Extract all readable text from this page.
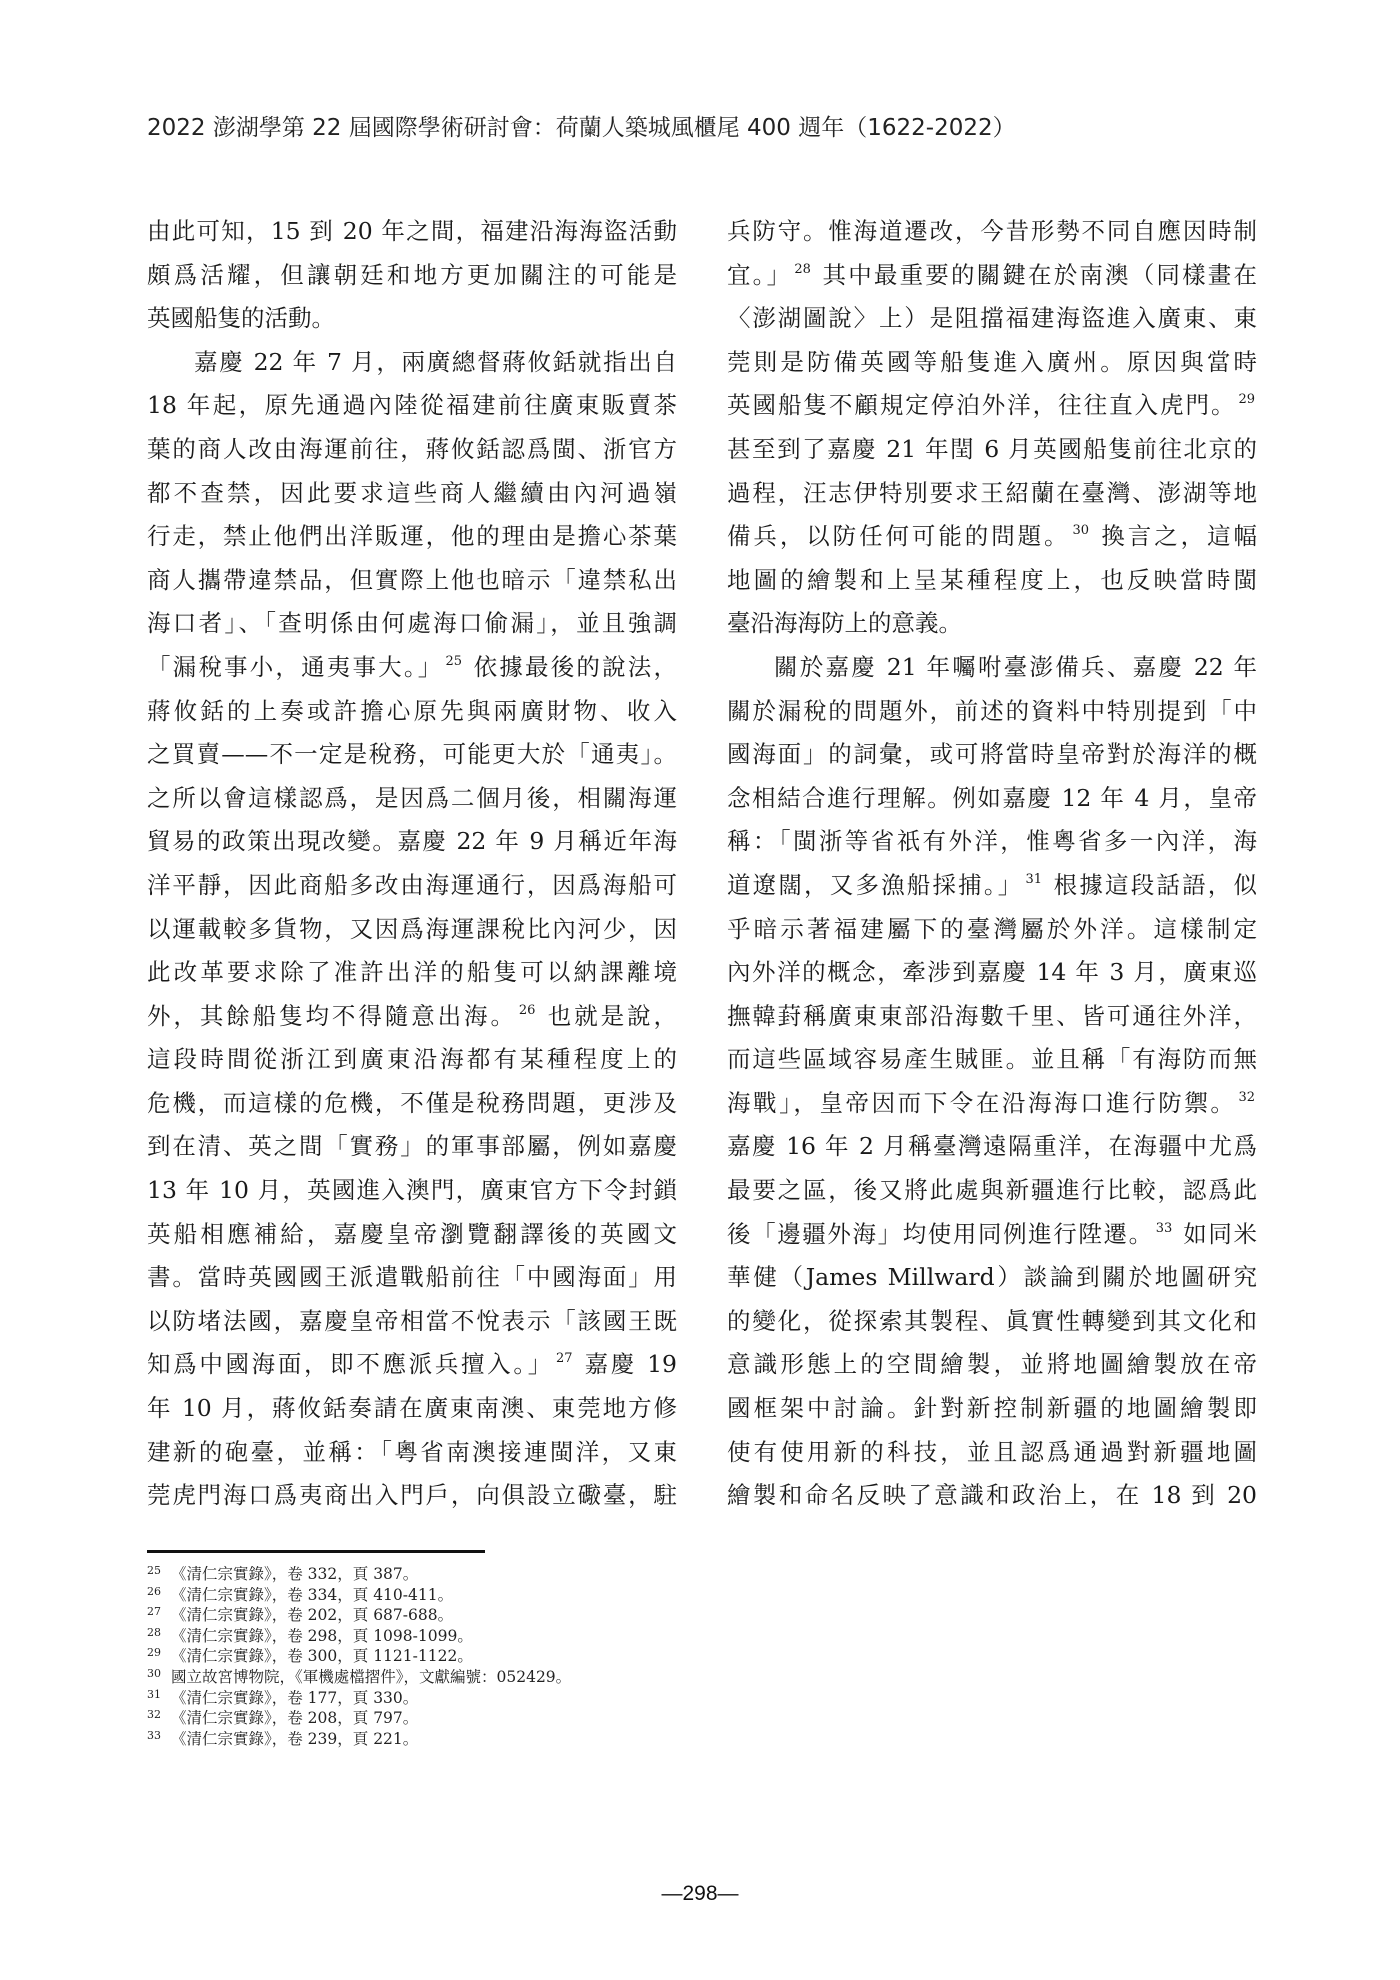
2022 澎湖學第 22 屆國際學術研討會：荷蘭人築城風櫃尾 400 週年（1622-2022）
由此可知，15 到 20 年之間，福建沿海海盜活動
頗爲活耀，但讓朝廷和地方更加關注的可能是
英國船隻的活動。
嘉慶 22 年 7 月，兩廣總督蔣攸銛就指出自
18 年起，原先通過內陸從福建前往廣東販賣茶
葉的商人改由海運前往，蔣攸銛認爲閩、浙官方
都不查禁，因此要求這些商人繼續由內河過嶺
行走，禁止他們出洋販運，他的理由是擔心茶葉
商人攜帶違禁品，但實際上他也暗示「違禁私出
海口者」、「查明係由何處海口偷漏」，並且強調
「漏稅事小，通夷事大。」 $^{25}$ 依據最後的說法，
蔣攸銛的上奏或許擔心原先與兩廣財物、收入
之買賣——不一定是稅務，可能更大於「通夷」。
之所以會這樣認爲，是因爲二個月後，相關海運
貿易的政策出現改變。嘉慶 22 年 9 月稱近年海
洋平靜，因此商船多改由海運通行，因爲海船可
以運載較多貨物，又因爲海運課稅比內河少，因
此改革要求除了准許出洋的船隻可以納課離境
外，其餘船隻均不得隨意出海。 $^{26}$ 也就是說，
這段時間從浙江到廣東沿海都有某種程度上的
危機，而這樣的危機，不僅是稅務問題，更涉及
到在清、英之間「實務」的軍事部屬，例如嘉慶
13 年 10 月，英國進入澳門，廣東官方下令封鎖
英船相應補給，嘉慶皇帝瀏覽翻譯後的英國文
書。當時英國國王派遣戰船前往「中國海面」用
以防堵法國，嘉慶皇帝相當不悅表示「該國王既
知爲中國海面，即不應派兵擅入。」 $^{27}$ 嘉慶 19
年 10 月，蔣攸銛奏請在廣東南澳、東莞地方修
建新的砲臺，並稱：「粵省南澳接連閩洋，又東
莞虎門海口爲夷商出入門戶，向俱設立礮臺，駐
兵防守。惟海道遷改，今昔形勢不同自應因時制
宜。」 $^{28}$ 其中最重要的關鍵在於南澳（同樣畫在
〈澎湖圖說〉上）是阻擋福建海盜進入廣東、東
莞則是防備英國等船隻進入廣州。原因與當時
英國船隻不顧規定停泊外洋，往往直入虎門。 $^{29}$
甚至到了嘉慶 21 年閏 6 月英國船隻前往北京的
過程，汪志伊特別要求王紹蘭在臺灣、澎湖等地
備兵，以防任何可能的問題。 $^{30}$ 換言之，這幅
地圖的繪製和上呈某種程度上，也反映當時閩
臺沿海海防上的意義。
關於嘉慶 21 年囑咐臺澎備兵、嘉慶 22 年
關於漏稅的問題外，前述的資料中特別提到「中
國海面」的詞彙，或可將當時皇帝對於海洋的概
念相結合進行理解。例如嘉慶 12 年 4 月，皇帝
稱：「閩浙等省祇有外洋，惟粵省多一內洋，海
道遼闊，又多漁船採捕。」 $^{31}$ 根據這段話語，似
乎暗示著福建屬下的臺灣屬於外洋。這樣制定
內外洋的概念，牽涉到嘉慶 14 年 3 月，廣東巡
撫韓葑稱廣東東部沿海數千里、皆可通往外洋，
而這些區域容易產生賊匪。並且稱「有海防而無
海戰」，皇帝因而下令在沿海海口進行防禦。 $^{32}$
嘉慶 16 年 2 月稱臺灣遠隔重洋，在海疆中尤爲
最要之區，後又將此處與新疆進行比較，認爲此
後「邊疆外海」均使用同例進行陞遷。 $^{33}$ 如同米
華健（James Millward）談論到關於地圖研究
的變化，從探索其製程、眞實性轉變到其文化和
意識形態上的空間繪製，並將地圖繪製放在帝
國框架中討論。針對新控制新疆的地圖繪製即
使有使用新的科技，並且認爲通過對新疆地圖
繪製和命名反映了意識和政治上，在 18 到 20
25 《清仁宗實錄》，卷 332，頁 387。
26 《清仁宗實錄》，卷 334，頁 410-411。
27 《清仁宗實錄》，卷 202，頁 687-688。
28 《清仁宗實錄》，卷 298，頁 1098-1099。
29 《清仁宗實錄》，卷 300，頁 1121-1122。
30 國立故宮博物院，《軍機處檔摺件》，文獻編號：052429。
31 《清仁宗實錄》，卷 177，頁 330。
32 《清仁宗實錄》，卷 208，頁 797。
33 《清仁宗實錄》，卷 239，頁 221。
—298—
